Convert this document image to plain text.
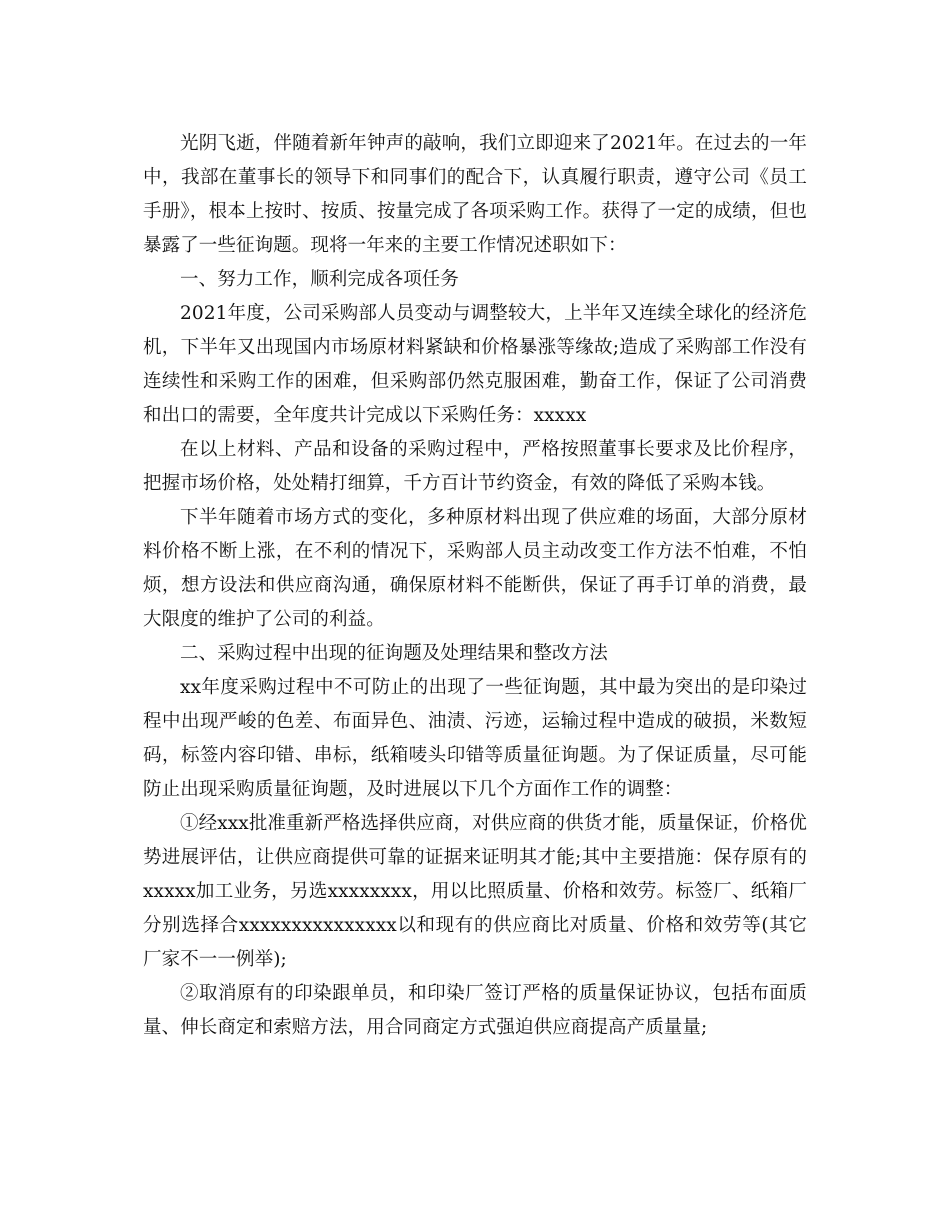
光阴飞逝，伴随着新年钟声的敲响，我们立即迎来了2021年。在过去的一年中，我部在董事长的领导下和同事们的配合下，认真履行职责，遵守公司《员工手册》，根本上按时、按质、按量完成了各项采购工作。获得了一定的成绩，但也暴露了一些征询题。现将一年来的主要工作情况述职如下：

一、努力工作，顺利完成各项任务

2021年度，公司采购部人员变动与调整较大，上半年又连续全球化的经济危机，下半年又出现国内市场原材料紧缺和价格暴涨等缘故;造成了采购部工作没有连续性和采购工作的困难，但采购部仍然克服困难，勤奋工作，保证了公司消费和出口的需要，全年度共计完成以下采购任务：xxxxx

在以上材料、产品和设备的采购过程中，严格按照董事长要求及比价程序，把握市场价格，处处精打细算，千方百计节约资金，有效的降低了采购本钱。

下半年随着市场方式的变化，多种原材料出现了供应难的场面，大部分原材料价格不断上涨，在不利的情况下，采购部人员主动改变工作方法不怕难，不怕烦，想方设法和供应商沟通，确保原材料不能断供，保证了再手订单的消费，最大限度的维护了公司的利益。

二、采购过程中出现的征询题及处理结果和整改方法

xx年度采购过程中不可防止的出现了一些征询题，其中最为突出的是印染过程中出现严峻的色差、布面异色、油渍、污迹，运输过程中造成的破损，米数短码，标签内容印错、串标，纸箱唛头印错等质量征询题。为了保证质量，尽可能防止出现采购质量征询题，及时进展以下几个方面作工作的调整：

①经xxx批准重新严格选择供应商，对供应商的供货才能，质量保证，价格优势进展评估，让供应商提供可靠的证据来证明其才能;其中主要措施：保存原有的xxxxx加工业务，另选xxxxxxxx，用以比照质量、价格和效劳。标签厂、纸箱厂分别选择合xxxxxxxxxxxxxxx以和现有的供应商比对质量、价格和效劳等(其它厂家不一一例举);

②取消原有的印染跟单员，和印染厂签订严格的质量保证协议，包括布面质量、伸长商定和索赔方法，用合同商定方式强迫供应商提高产质量量;
